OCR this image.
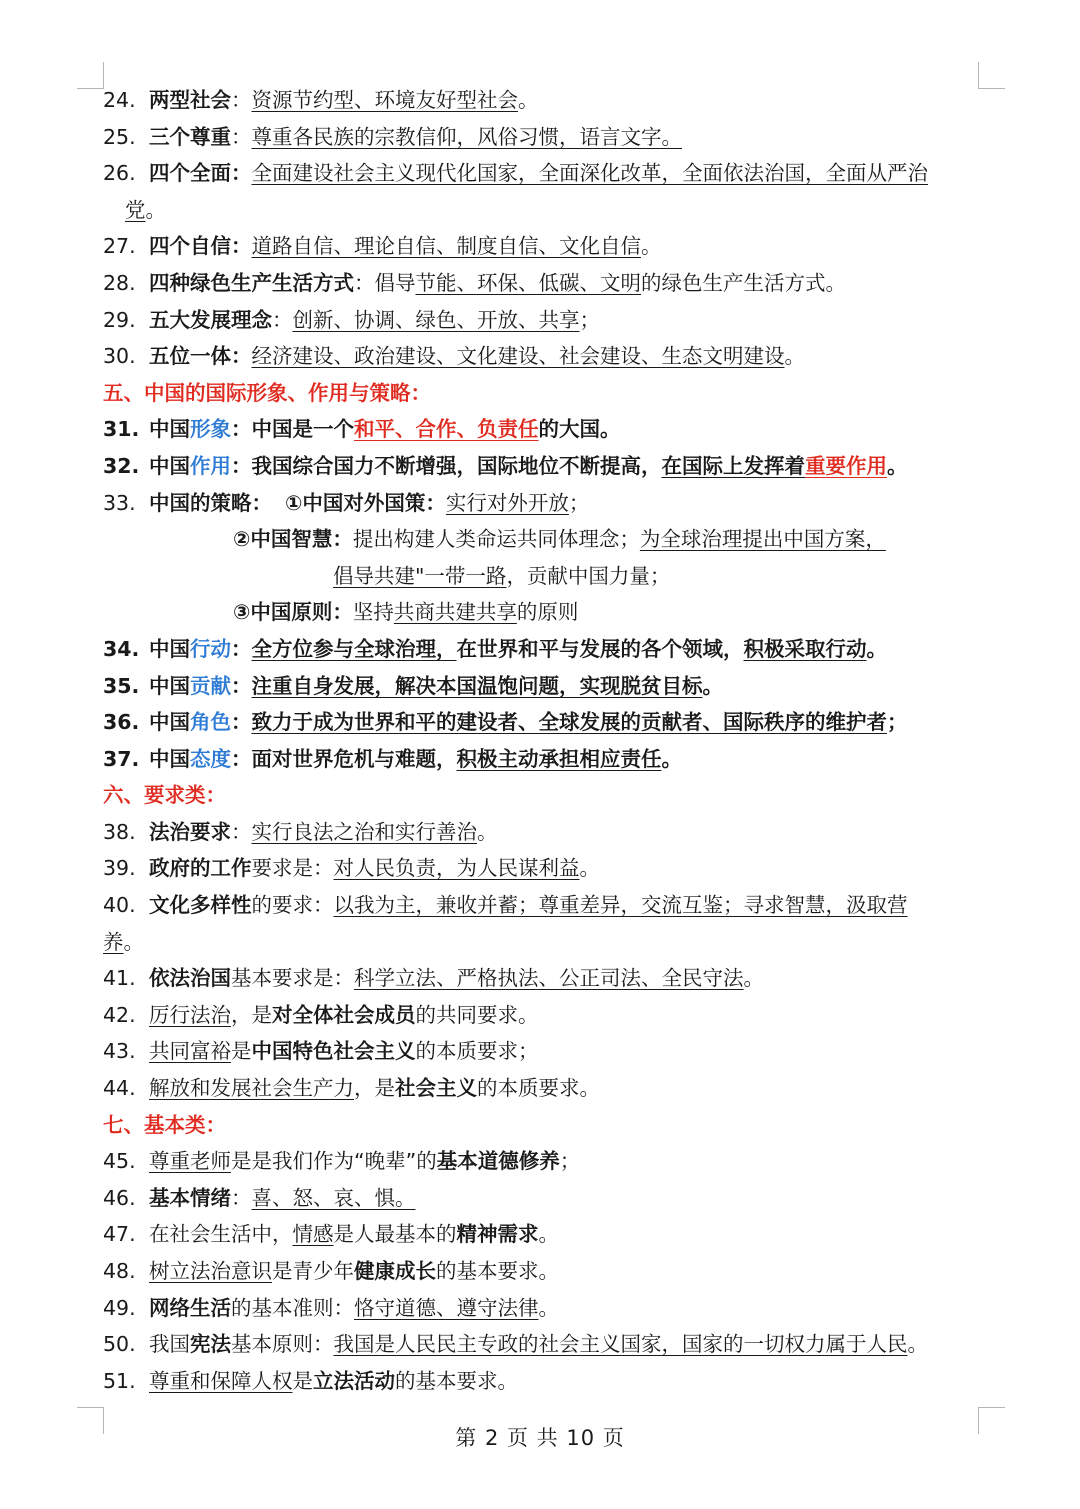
24. 两型社会：资源节约型、环境友好型社会。
25. 三个尊重：尊重各民族的宗教信仰，风俗习惯，语言文字。
26. 四个全面：全面建设社会主义现代化国家，全面深化改革，全面依法治国，全面从严治
党。
27. 四个自信：道路自信、理论自信、制度自信、文化自信。
28. 四种绿色生产生活方式：倡导节能、环保、低碳、文明的绿色生产生活方式。
29. 五大发展理念：创新、协调、绿色、开放、共享；
30. 五位一体：经济建设、政治建设、文化建设、社会建设、生态文明建设。
五、中国的国际形象、作用与策略：
31. 中国形象：中国是一个和平、合作、负责任的大国。
32. 中国作用：我国综合国力不断增强，国际地位不断提高，在国际上发挥着重要作用。
33. 中国的策略： ①中国对外国策：实行对外开放；
②中国智慧：提出构建人类命运共同体理念；为全球治理提出中国方案，
倡导共建"一带一路，贡献中国力量；
③中国原则：坚持共商共建共享的原则
34. 中国行动：全方位参与全球治理，在世界和平与发展的各个领域，积极采取行动。
35. 中国贡献：注重自身发展，解决本国温饱问题，实现脱贫目标。
36. 中国角色：致力于成为世界和平的建设者、全球发展的贡献者、国际秩序的维护者；
37. 中国态度：面对世界危机与难题，积极主动承担相应责任。
六、要求类：
38. 法治要求：实行良法之治和实行善治。
39. 政府的工作要求是：对人民负责，为人民谋利益。
40. 文化多样性的要求：以我为主，兼收并蓄；尊重差异，交流互鉴；寻求智慧，汲取营
养。
41. 依法治国基本要求是：科学立法、严格执法、公正司法、全民守法。
42. 厉行法治，是对全体社会成员的共同要求。
43. 共同富裕是中国特色社会主义的本质要求；
44. 解放和发展社会生产力，是社会主义的本质要求。
七、基本类：
45. 尊重老师是是我们作为“晚辈”的基本道德修养；
46. 基本情绪：喜、怒、哀、惧。
47. 在社会生活中，情感是人最基本的精神需求。
48. 树立法治意识是青少年健康成长的基本要求。
49. 网络生活的基本准则：恪守道德、遵守法律。
50. 我国宪法基本原则：我国是人民民主专政的社会主义国家，国家的一切权力属于人民。
51. 尊重和保障人权是立法活动的基本要求。
第 2 页 共 10 页
